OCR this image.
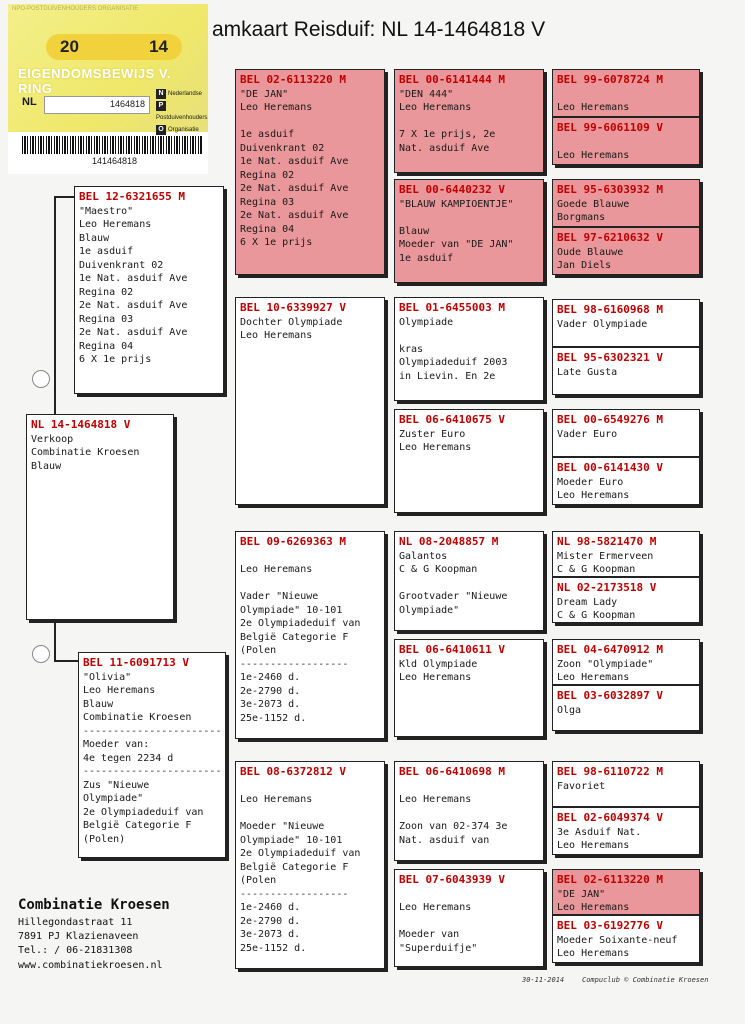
amkaart Reisduif: NL 14-1464818 V
NPO-POSTDUIVENHOUDERS ORGANISATIE
20	14
EIGENDOMSBEWIJS V. RING
NL	1464818
N Nederlandse
PPostduivenhouders
O Organisatie
141464818
NL 14-1464818 V
Verkoop
Combinatie Kroesen
Blauw
BEL 12-6321655 M
"Maestro"
Leo Heremans
Blauw
1e asduif
Duivenkrant 02
1e Nat. asduif Ave
Regina 02
2e Nat. asduif Ave
Regina 03
2e Nat. asduif Ave
Regina 04
6 X 1e prijs
BEL 11-6091713 V
"Olivia"
Leo Heremans
Blauw
Combinatie Kroesen
-----------------------
Moeder van:
4e tegen 2234 d
-----------------------
Zus "Nieuwe
Olympiade"
2e Olympiadeduif van
België Categorie F
(Polen)
BEL 02-6113220 M
"DE JAN"
Leo Heremans

1e asduif
Duivenkrant 02
1e Nat. asduif Ave
Regina 02
2e Nat. asduif Ave
Regina 03
2e Nat. asduif Ave
Regina 04
6 X 1e prijs
BEL 10-6339927 V
Dochter Olympiade
Leo Heremans
BEL 09-6269363 M

Leo Heremans

Vader "Nieuwe
Olympiade" 10-101
2e Olympiadeduif van
België Categorie F
(Polen
------------------
1e-2460 d.
2e-2790 d.
3e-2073 d.
25e-1152 d.
BEL 08-6372812 V

Leo Heremans

Moeder "Nieuwe
Olympiade" 10-101
2e Olympiadeduif van
België Categorie F
(Polen
------------------
1e-2460 d.
2e-2790 d.
3e-2073 d.
25e-1152 d.
BEL 00-6141444 M
"DEN 444"
Leo Heremans

7 X 1e prijs, 2e
Nat. asduif Ave
BEL 00-6440232 V
"BLAUW KAMPIOENTJE"

Blauw
Moeder van "DE JAN"
1e asduif
BEL 01-6455003 M
Olympiade

kras
Olympiadeduif 2003
in Lievin. En 2e
BEL 06-6410675 V
Zuster Euro
Leo Heremans
NL 08-2048857 M
Galantos
C & G Koopman

Grootvader "Nieuwe
Olympiade"
BEL 06-6410611 V
Kld Olympiade
Leo Heremans
BEL 06-6410698 M

Leo Heremans

Zoon van 02-374 3e
Nat. asduif van
BEL 07-6043939 V

Leo Heremans

Moeder van
"Superduifje"
BEL 99-6078724 M

Leo Heremans
BEL 99-6061109 V

Leo Heremans
BEL 95-6303932 M
Goede Blauwe
Borgmans
BEL 97-6210632 V
Oude Blauwe
Jan Diels
BEL 98-6160968 M
Vader Olympiade
BEL 95-6302321 V
Late Gusta
BEL 00-6549276 M
Vader Euro
BEL 00-6141430 V
Moeder Euro
Leo Heremans
NL 98-5821470 M
Mister Ermerveen
C & G Koopman
NL 02-2173518 V
Dream Lady
C & G Koopman
BEL 04-6470912 M
Zoon "Olympiade"
Leo Heremans
BEL 03-6032897 V
Olga
BEL 98-6110722 M
Favoriet
BEL 02-6049374 V
3e Asduif Nat.
Leo Heremans
BEL 02-6113220 M
"DE JAN"
Leo Heremans
BEL 03-6192776 V
Moeder Soixante-neuf
Leo Heremans
Combinatie Kroesen
Hillegondastraat 11
7891 PJ Klazienaveen
Tel.: / 06-21831308
www.combinatiekroesen.nl
30-11-2014	Compuclub © Combinatie Kroesen
